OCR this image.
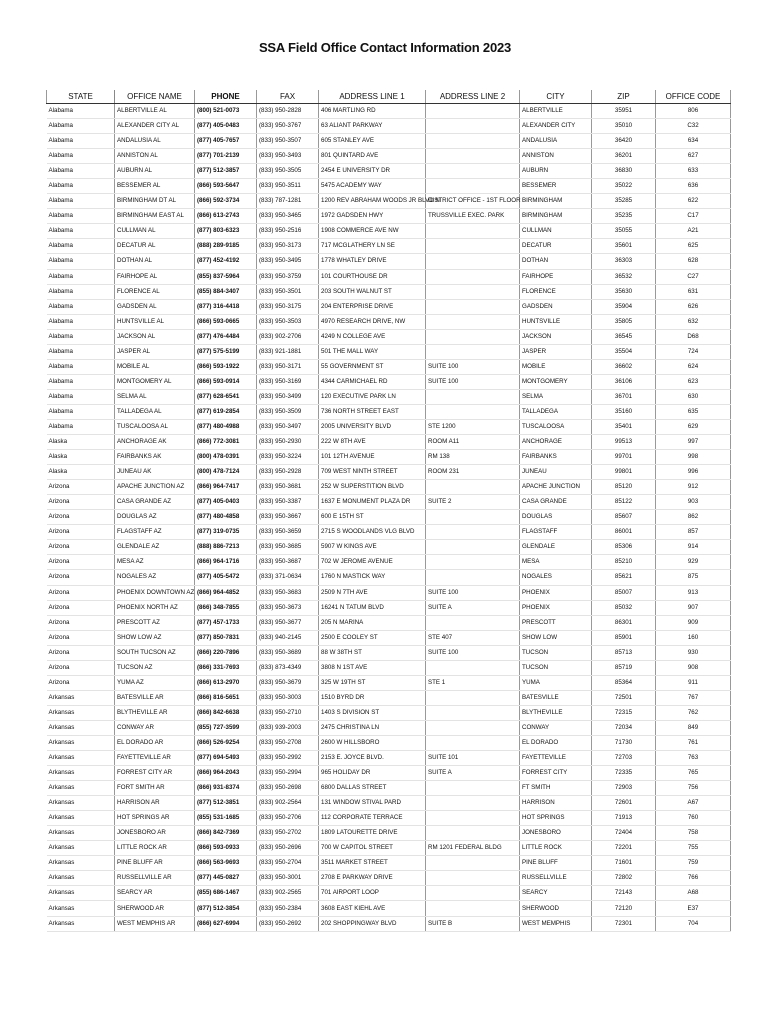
SSA Field Office Contact Information 2023
STATE	OFFICE NAME	PHONE	FAX	ADDRESS LINE 1	ADDRESS LINE 2	CITY	ZIP	OFFICE CODE
Alabama	ALBERTVILLE AL	(800) 521-0073	(833) 950-2828	406 MARTLING RD		ALBERTVILLE	35951	806
Alabama	ALEXANDER CITY AL	(877) 405-0483	(833) 950-3767	63 ALIANT PARKWAY		ALEXANDER CITY	35010	C32
Alabama	ANDALUSIA AL	(877) 405-7657	(833) 950-3507	605 STANLEY AVE		ANDALUSIA	36420	634
Alabama	ANNISTON AL	(877) 701-2139	(833) 950-3493	801 QUINTARD AVE		ANNISTON	36201	627
Alabama	AUBURN AL	(877) 512-3857	(833) 950-3505	2454 E UNIVERSITY DR		AUBURN	36830	633
Alabama	BESSEMER AL	(866) 593-5647	(833) 950-3511	5475 ACADEMY WAY		BESSEMER	35022	636
Alabama	BIRMINGHAM DT AL	(866) 592-3734	(833) 787-1281	1200 REV ABRAHAM WOODS JR BLVD N	DISTRICT OFFICE - 1ST FLOOR	BIRMINGHAM	35285	622
Alabama	BIRMINGHAM EAST AL	(866) 613-2743	(833) 950-3465	1972 GADSDEN HWY	TRUSSVILLE EXEC. PARK	BIRMINGHAM	35235	C17
Alabama	CULLMAN AL	(877) 803-6323	(833) 950-2516	1908 COMMERCE AVE NW		CULLMAN	35055	A21
Alabama	DECATUR AL	(888) 289-9185	(833) 950-3173	717 MCGLATHERY LN SE		DECATUR	35601	625
Alabama	DOTHAN AL	(877) 452-4192	(833) 950-3495	1778 WHATLEY DRIVE		DOTHAN	36303	628
Alabama	FAIRHOPE AL	(855) 837-5964	(833) 950-3759	101 COURTHOUSE DR		FAIRHOPE	36532	C27
Alabama	FLORENCE AL	(855) 884-3407	(833) 950-3501	203 SOUTH WALNUT ST		FLORENCE	35630	631
Alabama	GADSDEN AL	(877) 316-4418	(833) 950-3175	204 ENTERPRISE DRIVE		GADSDEN	35904	626
Alabama	HUNTSVILLE AL	(866) 593-0665	(833) 950-3503	4970 RESEARCH DRIVE, NW		HUNTSVILLE	35805	632
Alabama	JACKSON AL	(877) 476-4484	(833) 902-2706	4249 N COLLEGE AVE		JACKSON	36545	D68
Alabama	JASPER AL	(877) 575-5199	(833) 921-1881	501 THE MALL WAY		JASPER	35504	724
Alabama	MOBILE AL	(866) 593-1922	(833) 950-3171	55 GOVERNMENT ST	SUITE 100	MOBILE	36602	624
Alabama	MONTGOMERY AL	(866) 593-0914	(833) 950-3169	4344 CARMICHAEL RD	SUITE 100	MONTGOMERY	36106	623
Alabama	SELMA AL	(877) 628-6541	(833) 950-3499	120 EXECUTIVE PARK LN		SELMA	36701	630
Alabama	TALLADEGA AL	(877) 619-2854	(833) 950-3509	736 NORTH STREET EAST		TALLADEGA	35160	635
Alabama	TUSCALOOSA AL	(877) 480-4988	(833) 950-3497	2005 UNIVERSITY BLVD	STE 1200	TUSCALOOSA	35401	629
Alaska	ANCHORAGE AK	(866) 772-3081	(833) 950-2930	222 W 8TH AVE	ROOM A11	ANCHORAGE	99513	997
Alaska	FAIRBANKS AK	(800) 478-0391	(833) 950-3224	101 12TH AVENUE	RM 138	FAIRBANKS	99701	998
Alaska	JUNEAU AK	(800) 478-7124	(833) 950-2928	709 WEST NINTH STREET	ROOM 231	JUNEAU	99801	996
Arizona	APACHE JUNCTION AZ	(866) 964-7417	(833) 950-3681	252 W SUPERSTITION BLVD		APACHE JUNCTION	85120	912
Arizona	CASA GRANDE AZ	(877) 405-0403	(833) 950-3387	1637 E MONUMENT PLAZA DR	SUITE 2	CASA GRANDE	85122	903
Arizona	DOUGLAS AZ	(877) 480-4858	(833) 950-3667	600 E 15TH ST		DOUGLAS	85607	862
Arizona	FLAGSTAFF AZ	(877) 319-0735	(833) 950-3659	2715 S WOODLANDS VLG BLVD		FLAGSTAFF	86001	857
Arizona	GLENDALE AZ	(888) 886-7213	(833) 950-3685	5907 W KINGS AVE		GLENDALE	85306	914
Arizona	MESA AZ	(866) 964-1716	(833) 950-3687	702 W JEROME AVENUE		MESA	85210	929
Arizona	NOGALES AZ	(877) 405-5472	(833) 371-0634	1760 N MASTICK WAY		NOGALES	85621	875
Arizona	PHOENIX DOWNTOWN AZ	(866) 964-4852	(833) 950-3683	2509 N 7TH AVE	SUITE 100	PHOENIX	85007	913
Arizona	PHOENIX NORTH AZ	(866) 348-7855	(833) 950-3673	16241 N TATUM BLVD	SUITE A	PHOENIX	85032	907
Arizona	PRESCOTT AZ	(877) 457-1733	(833) 950-3677	205 N MARINA		PRESCOTT	86301	909
Arizona	SHOW LOW AZ	(877) 850-7831	(833) 940-2145	2500 E COOLEY ST	STE 407	SHOW LOW	85901	160
Arizona	SOUTH TUCSON AZ	(866) 220-7896	(833) 950-3689	88 W 38TH ST	SUITE 100	TUCSON	85713	930
Arizona	TUCSON AZ	(866) 331-7693	(833) 873-4349	3808 N 1ST AVE		TUCSON	85719	908
Arizona	YUMA AZ	(866) 613-2970	(833) 950-3679	325 W 19TH ST	STE 1	YUMA	85364	911
Arkansas	BATESVILLE AR	(866) 816-5651	(833) 950-3003	1510 BYRD DR		BATESVILLE	72501	767
Arkansas	BLYTHEVILLE AR	(866) 842-6638	(833) 950-2710	1403 S DIVISION ST		BLYTHEVILLE	72315	762
Arkansas	CONWAY AR	(855) 727-3599	(833) 939-2003	2475 CHRISTINA LN		CONWAY	72034	849
Arkansas	EL DORADO AR	(866) 526-9254	(833) 950-2708	2600 W HILLSBORO		EL DORADO	71730	761
Arkansas	FAYETTEVILLE AR	(877) 694-5493	(833) 950-2992	2153 E. JOYCE BLVD.	SUITE 101	FAYETTEVILLE	72703	763
Arkansas	FORREST CITY AR	(866) 964-2043	(833) 950-2994	965 HOLIDAY DR	SUITE A	FORREST CITY	72335	765
Arkansas	FORT SMITH AR	(866) 931-8374	(833) 950-2698	6800 DALLAS STREET		FT SMITH	72903	756
Arkansas	HARRISON AR	(877) 512-3851	(833) 902-2564	131 WINDOW STIVAL PARD		HARRISON	72601	A67
Arkansas	HOT SPRINGS AR	(855) 531-1685	(833) 950-2706	112 CORPORATE TERRACE		HOT SPRINGS	71913	760
Arkansas	JONESBORO AR	(866) 842-7369	(833) 950-2702	1809 LATOURETTE DRIVE		JONESBORO	72404	758
Arkansas	LITTLE ROCK AR	(866) 593-0933	(833) 950-2696	700 W CAPITOL STREET	RM 1201 FEDERAL BLDG	LITTLE ROCK	72201	755
Arkansas	PINE BLUFF AR	(866) 563-9693	(833) 950-2704	3511 MARKET STREET		PINE BLUFF	71601	759
Arkansas	RUSSELLVILLE AR	(877) 445-0827	(833) 950-3001	2708 E PARKWAY DRIVE		RUSSELLVILLE	72802	766
Arkansas	SEARCY AR	(855) 686-1467	(833) 902-2565	701 AIRPORT LOOP		SEARCY	72143	A68
Arkansas	SHERWOOD AR	(877) 512-3854	(833) 950-2384	3608 EAST KIEHL AVE		SHERWOOD	72120	E37
Arkansas	WEST MEMPHIS AR	(866) 627-6994	(833) 950-2692	202 SHOPPINGWAY BLVD	SUITE B	WEST MEMPHIS	72301	704
